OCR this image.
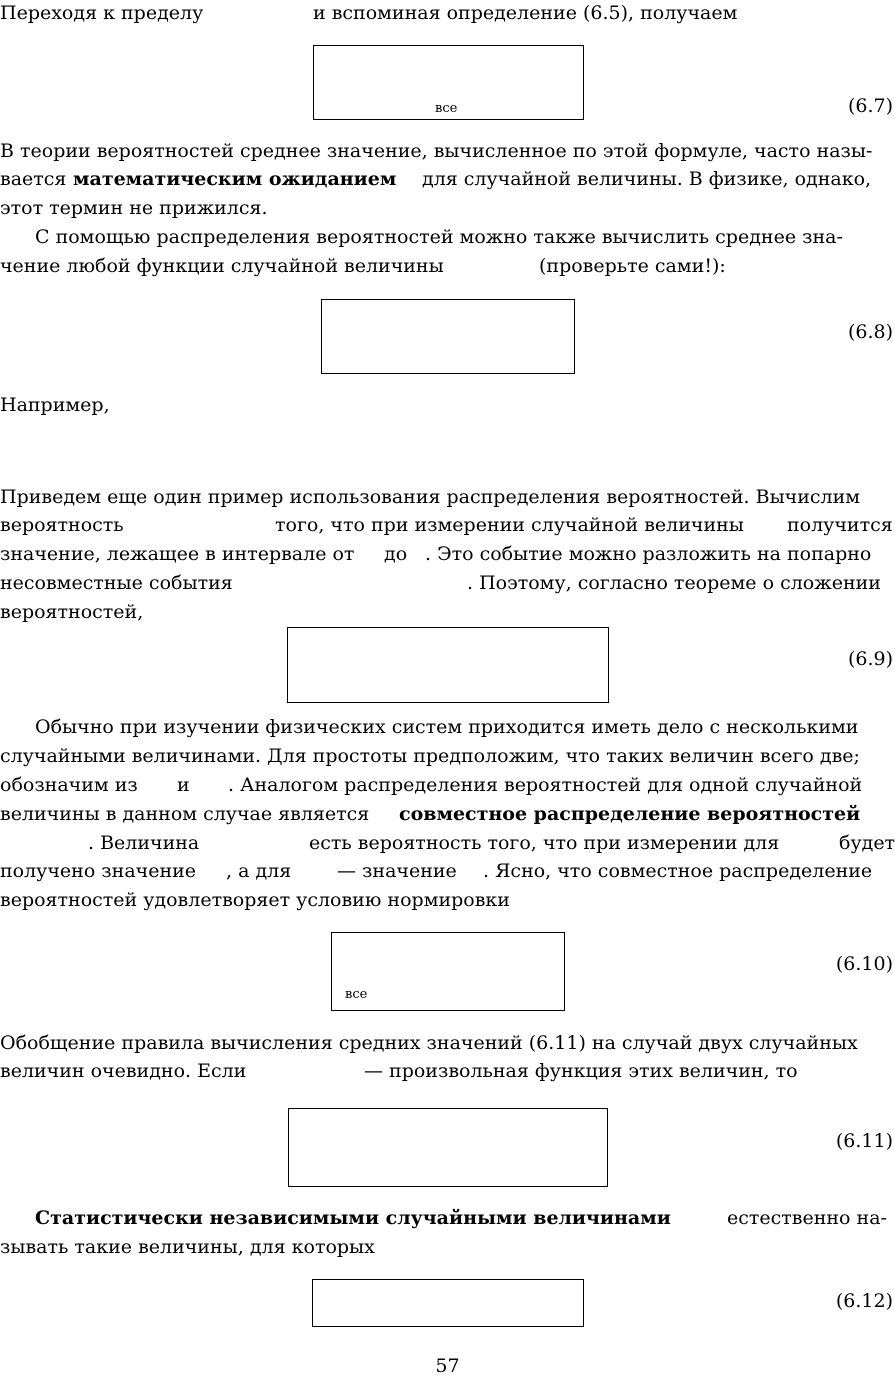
Переходя к пределу	и вспоминая определение (6.5), получаем
все	(6.7)
В теории вероятностей среднее значение, вычисленное по этой формуле, часто назы-
вается математическим ожиданием для случайной величины. В физике, однако,
этот термин не прижился.
С помощью распределения вероятностей можно также вычислить среднее зна-
чение любой функции случайной величины	(проверьте сами!):
(6.8)
Например,
Приведем еще один пример использования распределения вероятностей. Вычислим
вероятность	того, что при измерении случайной величины получится
значение, лежащее в интервале от до . Это событие можно разложить на попарно
несовместные события	. Поэтому, согласно теореме о сложении
вероятностей,
(6.9)
Обычно при изучении физических систем приходится иметь дело с несколькими
случайными величинами. Для простоты предположим, что таких величин всего две;
обозначим из и . Аналогом распределения вероятностей для одной случайной
величины в данном случае является совместное распределение вероятностей
. Величина	есть вероятность того, что при измерении для	будет
получено значение , а для — значение . Ясно, что совместное распределение
вероятностей удовлетворяет условию нормировки
все
(6.10)
Обобщение правила вычисления средних значений (6.11) на случай двух случайных
величин очевидно. Если	— произвольная функция этих величин, то
(6.11)
Статистически независимыми случайными величинами	естественно на-
зывать такие величины, для которых
(6.12)
57
